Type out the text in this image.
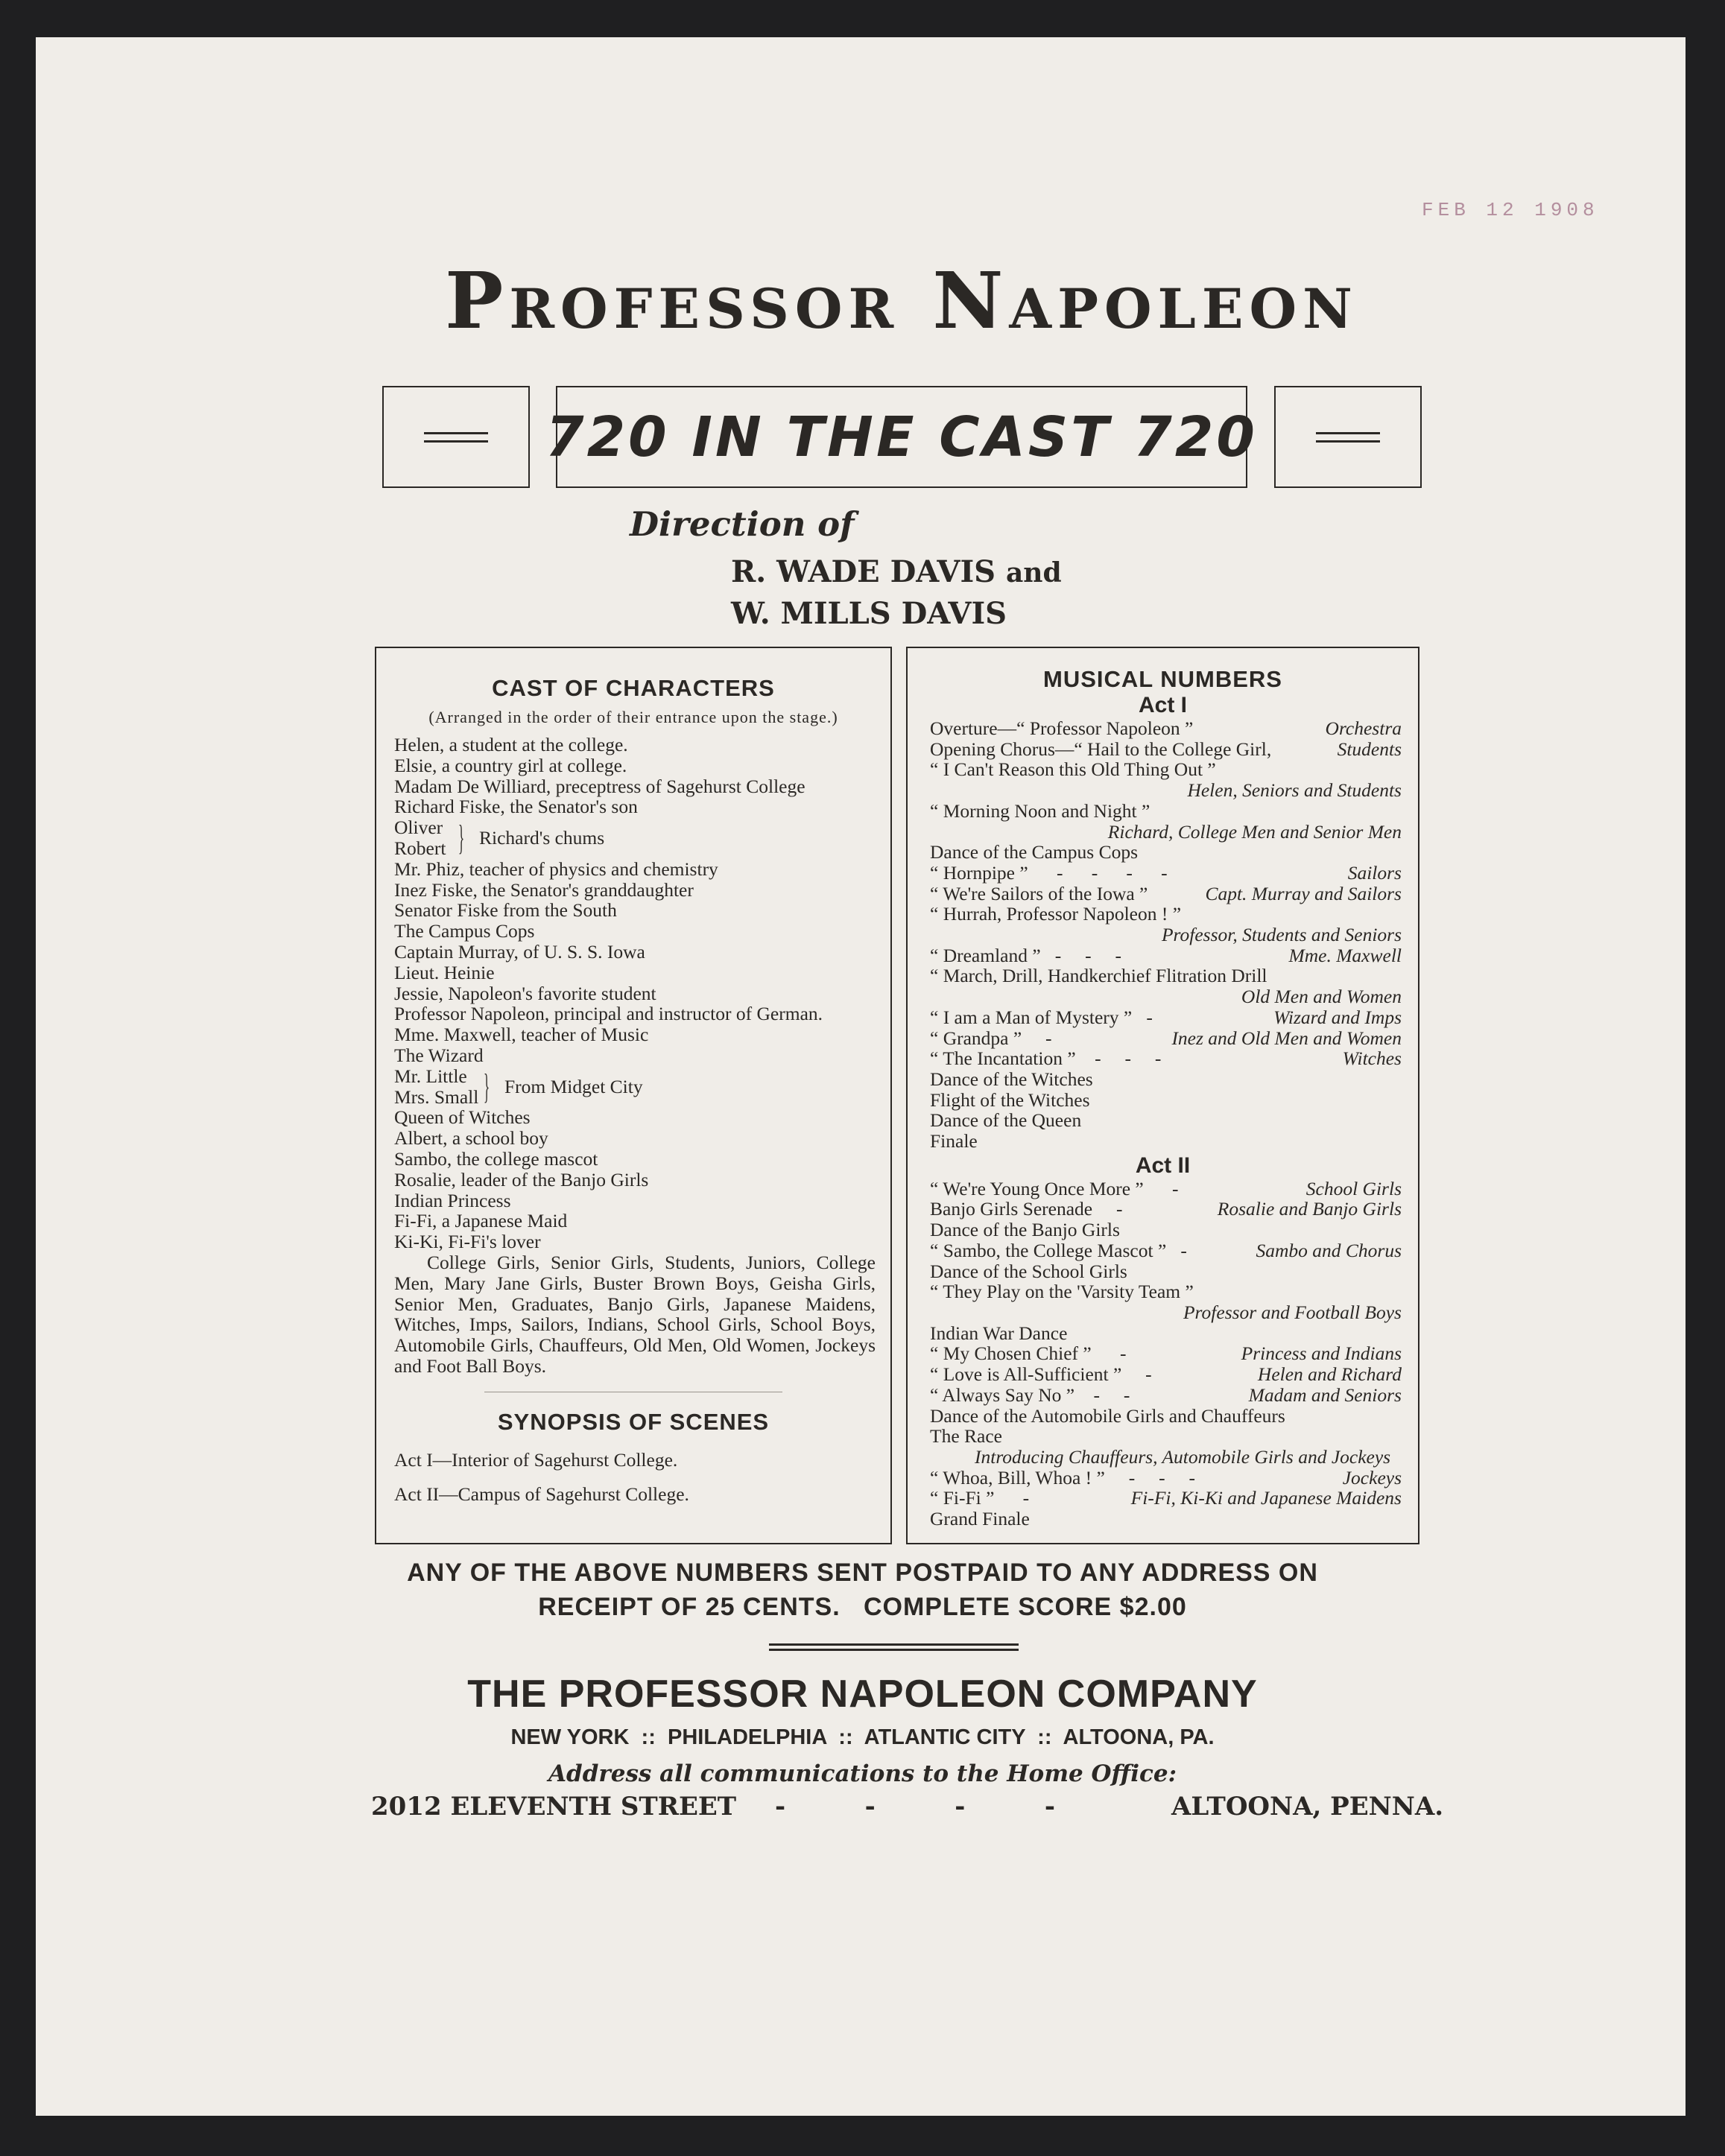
FEB 12 1908
Professor Napoleon
720 IN THE CAST 720
Direction of
R. WADE DAVIS and
W. MILLS DAVIS
CAST OF CHARACTERS
(Arranged in the order of their entrance upon the stage.)
Helen, a student at the college.
Elsie, a country girl at college.
Madam De Williard, preceptress of Sagehurst College
Richard Fiske, the Senator's son
Oliver
Robert } Richard's chums
Mr. Phiz, teacher of physics and chemistry
Inez Fiske, the Senator's granddaughter
Senator Fiske from the South
The Campus Cops
Captain Murray, of U. S. S. Iowa
Lieut. Heinie
Jessie, Napoleon's favorite student
Professor Napoleon, principal and instructor of German.
Mme. Maxwell, teacher of Music
The Wizard
Mr. Little
Mrs. Small } From Midget City
Queen of Witches
Albert, a school boy
Sambo, the college mascot
Rosalie, leader of the Banjo Girls
Indian Princess
Fi-Fi, a Japanese Maid
Ki-Ki, Fi-Fi's lover

College Girls, Senior Girls, Students, Juniors, College Men, Mary Jane Girls, Buster Brown Boys, Geisha Girls, Senior Men, Graduates, Banjo Girls, Japanese Maidens, Witches, Imps, Sailors, Indians, School Girls, School Boys, Automobile Girls, Chauffeurs, Old Men, Old Women, Jockeys and Foot Ball Boys.

SYNOPSIS OF SCENES
Act I—Interior of Sagehurst College.
Act II—Campus of Sagehurst College.
MUSICAL NUMBERS
Act I
Overture—“ Professor Napoleon ”	Orchestra
Opening Chorus—“ Hail to the College Girl,	Students
“ I Can't Reason this Old Thing Out ”
Helen, Seniors and Students
“ Morning Noon and Night ”
Richard, College Men and Senior Men
Dance of the Campus Cops
“ Hornpipe ”      -      -      -      -	Sailors
“ We're Sailors of the Iowa ”	Capt. Murray and Sailors
“ Hurrah, Professor Napoleon ! ”
Professor, Students and Seniors
“ Dreamland ”   -     -     -	Mme. Maxwell
“ March, Drill, Handkerchief Flitration Drill
Old Men and Women
“ I am a Man of Mystery ”   -	Wizard and Imps
“ Grandpa ”     -	Inez and Old Men and Women
“ The Incantation ”    -     -     -	Witches
Dance of the Witches
Flight of the Witches
Dance of the Queen
Finale
Act II
“ We're Young Once More ”      -	School Girls
Banjo Girls Serenade     -	Rosalie and Banjo Girls
Dance of the Banjo Girls
“ Sambo, the College Mascot ”   -	Sambo and Chorus
Dance of the School Girls
“ They Play on the 'Varsity Team ”
Professor and Football Boys
Indian War Dance
“ My Chosen Chief ”      -	Princess and Indians
“ Love is All-Sufficient ”     -	Helen and Richard
“ Always Say No ”    -     -	Madam and Seniors
Dance of the Automobile Girls and Chauffeurs
The Race
Introducing Chauffeurs, Automobile Girls and Jockeys
“ Whoa, Bill, Whoa ! ”     -     -     -	Jockeys
“ Fi-Fi ”      -	Fi-Fi, Ki-Ki and Japanese Maidens
Grand Finale
ANY OF THE ABOVE NUMBERS SENT POSTPAID TO ANY ADDRESS ON
RECEIPT OF 25 CENTS.   COMPLETE SCORE $2.00
THE PROFESSOR NAPOLEON COMPANY
NEW YORK  ::  PHILADELPHIA  ::  ATLANTIC CITY  ::  ALTOONA, PA.
Address all communications to the Home Office:
2012 ELEVENTH STREET -         -         -         -	ALTOONA, PENNA.
